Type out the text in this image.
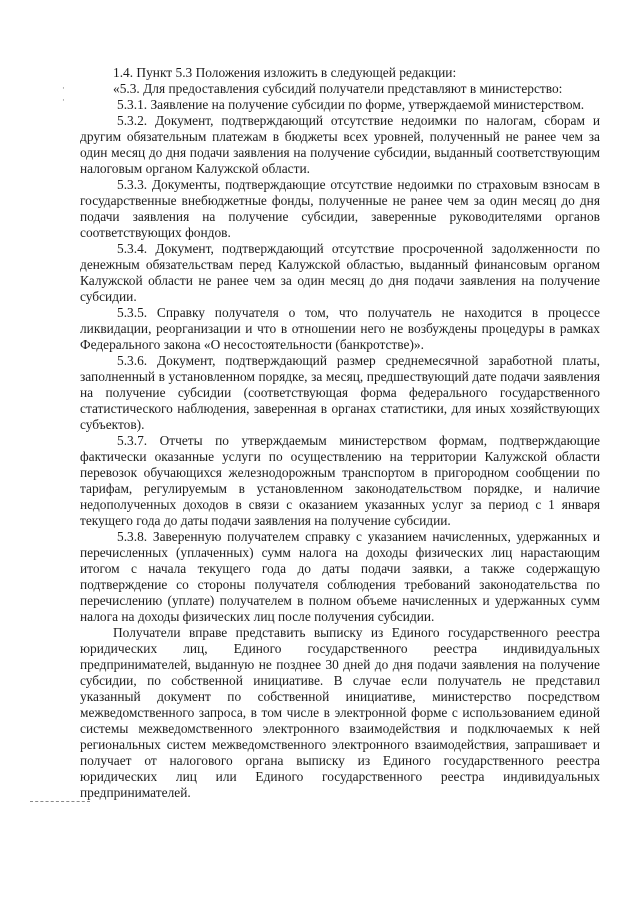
·
·

1.4. Пункт 5.3 Положения изложить в следующей редакции:

«5.3. Для предоставления субсидий получатели представляют в министерство:

5.3.1. Заявление на получение субсидии по форме, утверждаемой министерством.

5.3.2. Документ, подтверждающий отсутствие недоимки по налогам, сборам и другим обязательным платежам в бюджеты всех уровней, полученный не ранее чем за один месяц до дня подачи заявления на получение субсидии, выданный соответствующим налоговым органом Калужской области.

5.3.3. Документы, подтверждающие отсутствие недоимки по страховым взносам в государственные внебюджетные фонды, полученные не ранее чем за один месяц до дня подачи заявления на получение субсидии, заверенные руководителями органов соответствующих фондов.

5.3.4. Документ, подтверждающий отсутствие просроченной задолженности по денежным обязательствам перед Калужской областью, выданный финансовым органом Калужской области не ранее чем за один месяц до дня подачи заявления на получение субсидии.

5.3.5. Справку получателя о том, что получатель не находится в процессе ликвидации, реорганизации и что в отношении него не возбуждены процедуры в рамках Федерального закона «О несостоятельности (банкротстве)».

5.3.6. Документ, подтверждающий размер среднемесячной заработной платы, заполненный в установленном порядке, за месяц, предшествующий дате подачи заявления на получение субсидии (соответствующая форма федерального государственного статистического наблюдения, заверенная в органах статистики, для иных хозяйствующих субъектов).

5.3.7. Отчеты по утверждаемым министерством формам, подтверждающие фактически оказанные услуги по осуществлению на территории Калужской области перевозок обучающихся железнодорожным транспортом в пригородном сообщении по тарифам, регулируемым в установленном законодательством порядке, и наличие недополученных доходов в связи с оказанием указанных услуг за период с 1 января текущего года до даты подачи заявления на получение субсидии.

5.3.8. Заверенную получателем справку с указанием начисленных, удержанных и перечисленных (уплаченных) сумм налога на доходы физических лиц нарастающим итогом с начала текущего года до даты подачи заявки, а также содержащую подтверждение со стороны получателя соблюдения требований законодательства по перечислению (уплате) получателем в полном объеме начисленных и удержанных сумм налога на доходы физических лиц после получения субсидии.

Получатели вправе представить выписку из Единого государственного реестра юридических лиц, Единого государственного реестра индивидуальных предпринимателей, выданную не позднее 30 дней до дня подачи заявления на получение субсидии, по собственной инициативе. В случае если получатель не представил указанный документ по собственной инициативе, министерство посредством межведомственного запроса, в том числе в электронной форме с использованием единой системы межведомственного электронного взаимодействия и подключаемых к ней региональных систем межведомственного электронного взаимодействия, запрашивает и получает от налогового органа выписку из Единого государственного реестра юридических лиц или Единого государственного реестра индивидуальных предпринимателей.
